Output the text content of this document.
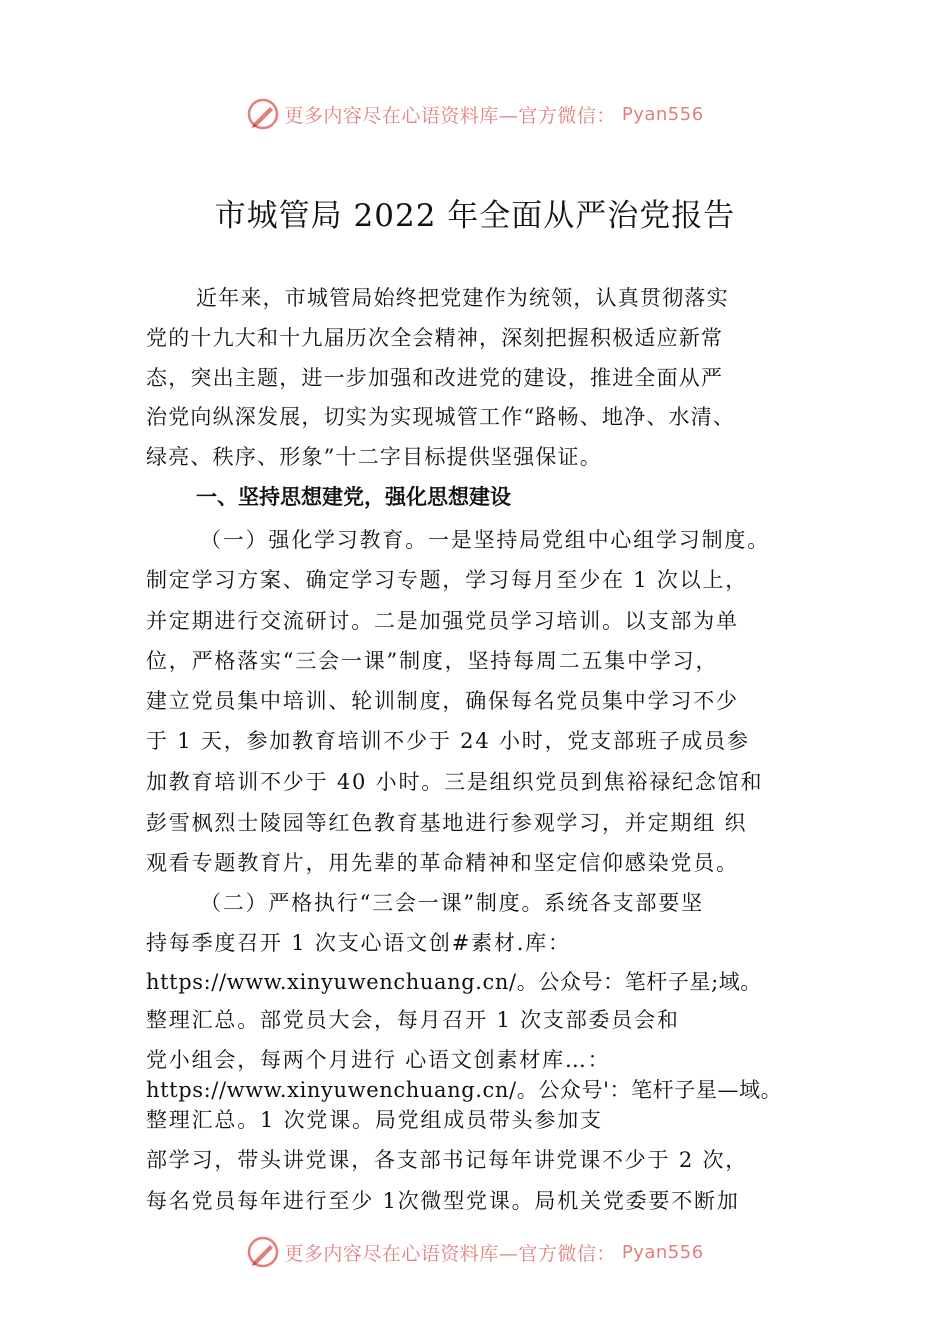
更多内容尽在心语资料库—官方微信： Pyan556
市城管局 2022 年全面从严治党报告
近年来，市城管局始终把党建作为统领，认真贯彻落实
党的十九大和十九届历次全会精神，深刻把握积极适应新常
态，突出主题，进一步加强和改进党的建设，推进全面从严
治党向纵深发展，切实为实现城管工作“路畅、地净、水清、
绿亮、秩序、形象”十二字目标提供坚强保证。
一、坚持思想建党，强化思想建设
（一）强化学习教育。一是坚持局党组中心组学习制度。
制定学习方案、确定学习专题，学习每月至少在 1 次以上，
并定期进行交流研讨。二是加强党员学习培训。以支部为单
位，严格落实“三会一课”制度，坚持每周二五集中学习，
建立党员集中培训、轮训制度，确保每名党员集中学习不少
于 1 天，参加教育培训不少于 24 小时，党支部班子成员参
加教育培训不少于 40 小时。三是组织党员到焦裕禄纪念馆和
彭雪枫烈士陵园等红色教育基地进行参观学习，并定期组 织
观看专题教育片，用先辈的革命精神和坚定信仰感染党员。
（二）严格执行“三会一课”制度。系统各支部要坚
持每季度召开 1 次支心语文创#素材.库：
https://www.xinyuwenchuang.cn/。公众号：笔杆子星;域。
整理汇总。部党员大会，每月召开 1 次支部委员会和
党小组会，每两个月进行 心语文创素材库…：
https://www.xinyuwenchuang.cn/。公众号'：笔杆子星—域。
整理汇总。1 次党课。局党组成员带头参加支
部学习，带头讲党课，各支部书记每年讲党课不少于 2 次，
每名党员每年进行至少 1次微型党课。局机关党委要不断加
更多内容尽在心语资料库—官方微信： Pyan556
